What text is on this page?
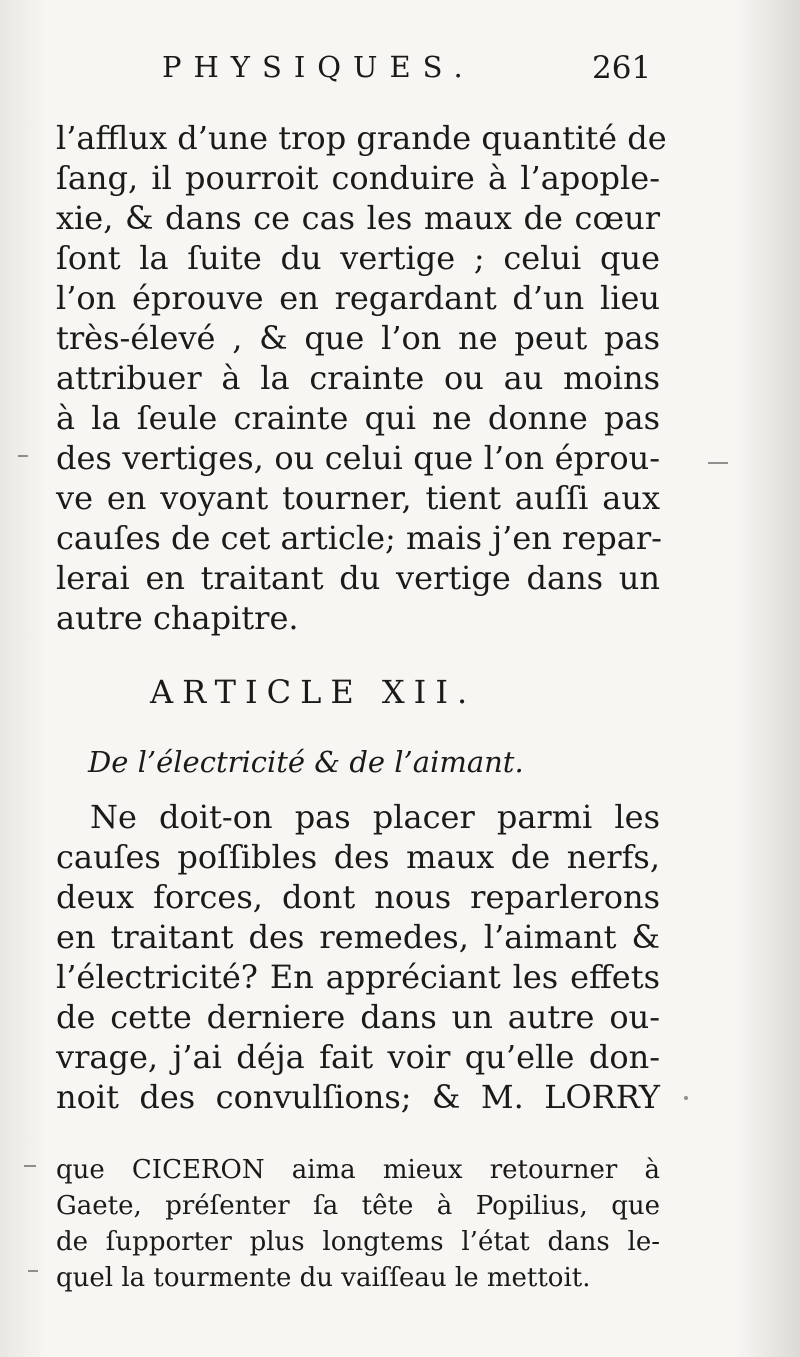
PHYSIQUES.	261
l’afflux d’une trop grande quantité de
ſang, il pourroit conduire à l’apople-
xie, & dans ce cas les maux de cœur
ſont la ſuite du vertige ; celui que
l’on éprouve en regardant d’un lieu
très-élevé , & que l’on ne peut pas
attribuer à la crainte ou au moins
à la ſeule crainte qui ne donne pas
des vertiges, ou celui que l’on éprou-
ve en voyant tourner, tient auſſi aux
cauſes de cet article; mais j’en repar-
lerai en traitant du vertige dans un
autre chapitre.
ARTICLE XII.
De l’électricité & de l’aimant.
Ne doit-on pas placer parmi les
cauſes poſſibles des maux de nerfs,
deux forces, dont nous reparlerons
en traitant des remedes, l’aimant &
l’électricité? En appréciant les effets
de cette derniere dans un autre ou-
vrage, j’ai déja fait voir qu’elle don-
noit des convulſions; & M. LORRY
que CICERON aima mieux retourner à
Gaete, préſenter ſa tête à Popilius, que
de ſupporter plus longtems l’état dans le-
quel la tourmente du vaiſſeau le mettoit.
